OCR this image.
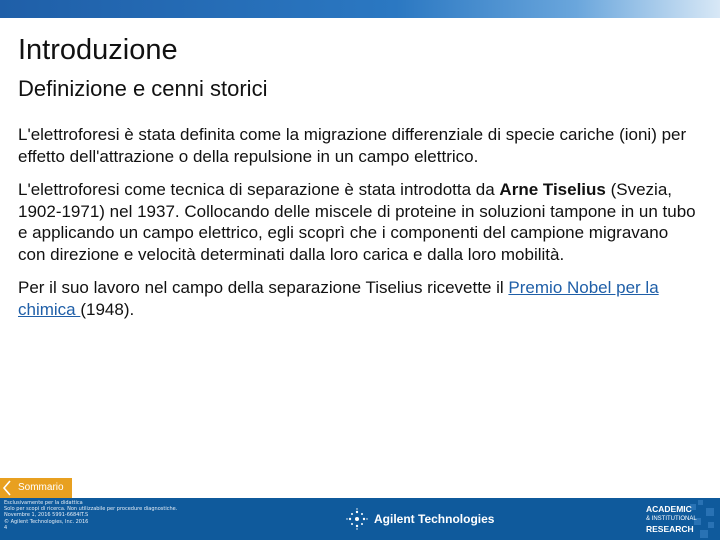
Introduzione
Definizione e cenni storici

L'elettroforesi è stata definita come la migrazione differenziale di specie cariche (ioni) per effetto dell'attrazione o della repulsione in un campo elettrico.

L'elettroforesi come tecnica di separazione è stata introdotta da Arne Tiselius (Svezia, 1902-1971) nel 1937. Collocando delle miscele di proteine in soluzioni tampone in un tubo e applicando un campo elettrico, egli scoprì che i componenti del campione migravano con direzione e velocità determinati dalla loro carica e dalla loro mobilità.

Per il suo lavoro nel campo della separazione Tiselius ricevette il Premio Nobel per la chimica (1948).

Sommario
Esclusivamente per la didattica
Solo per scopi di ricerca. Non utilizzabile per procedure diagnostiche.
Novembre 1, 2016 5991-6684IT.S
© Agilent Technologies, Inc. 2016
4
Agilent Technologies
ACADEMIC
& INSTITUTIONAL
RESEARCH
